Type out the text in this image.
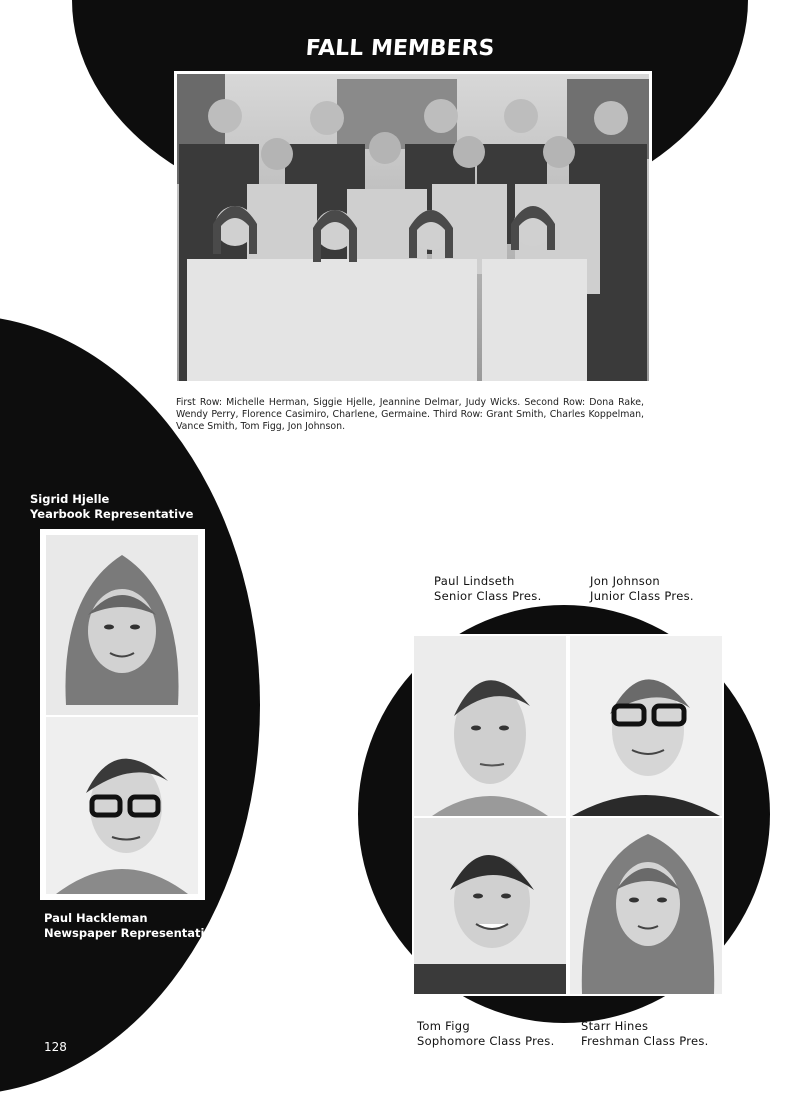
FALL MEMBERS
First Row: Michelle Herman, Siggie Hjelle, Jeannine Delmar, Judy Wicks. Second Row: Dona Rake, Wendy Perry, Florence Casimiro, Charlene, Germaine. Third Row: Grant Smith, Charles Koppelman, Vance Smith, Tom Figg, Jon Johnson.
Sigrid Hjelle
Yearbook Representative
Paul Hackleman
Newspaper Representative
Paul Lindseth
Senior Class Pres.
Jon Johnson
Junior Class Pres.
Tom Figg
Sophomore Class Pres.
Starr Hines
Freshman Class Pres.
128
